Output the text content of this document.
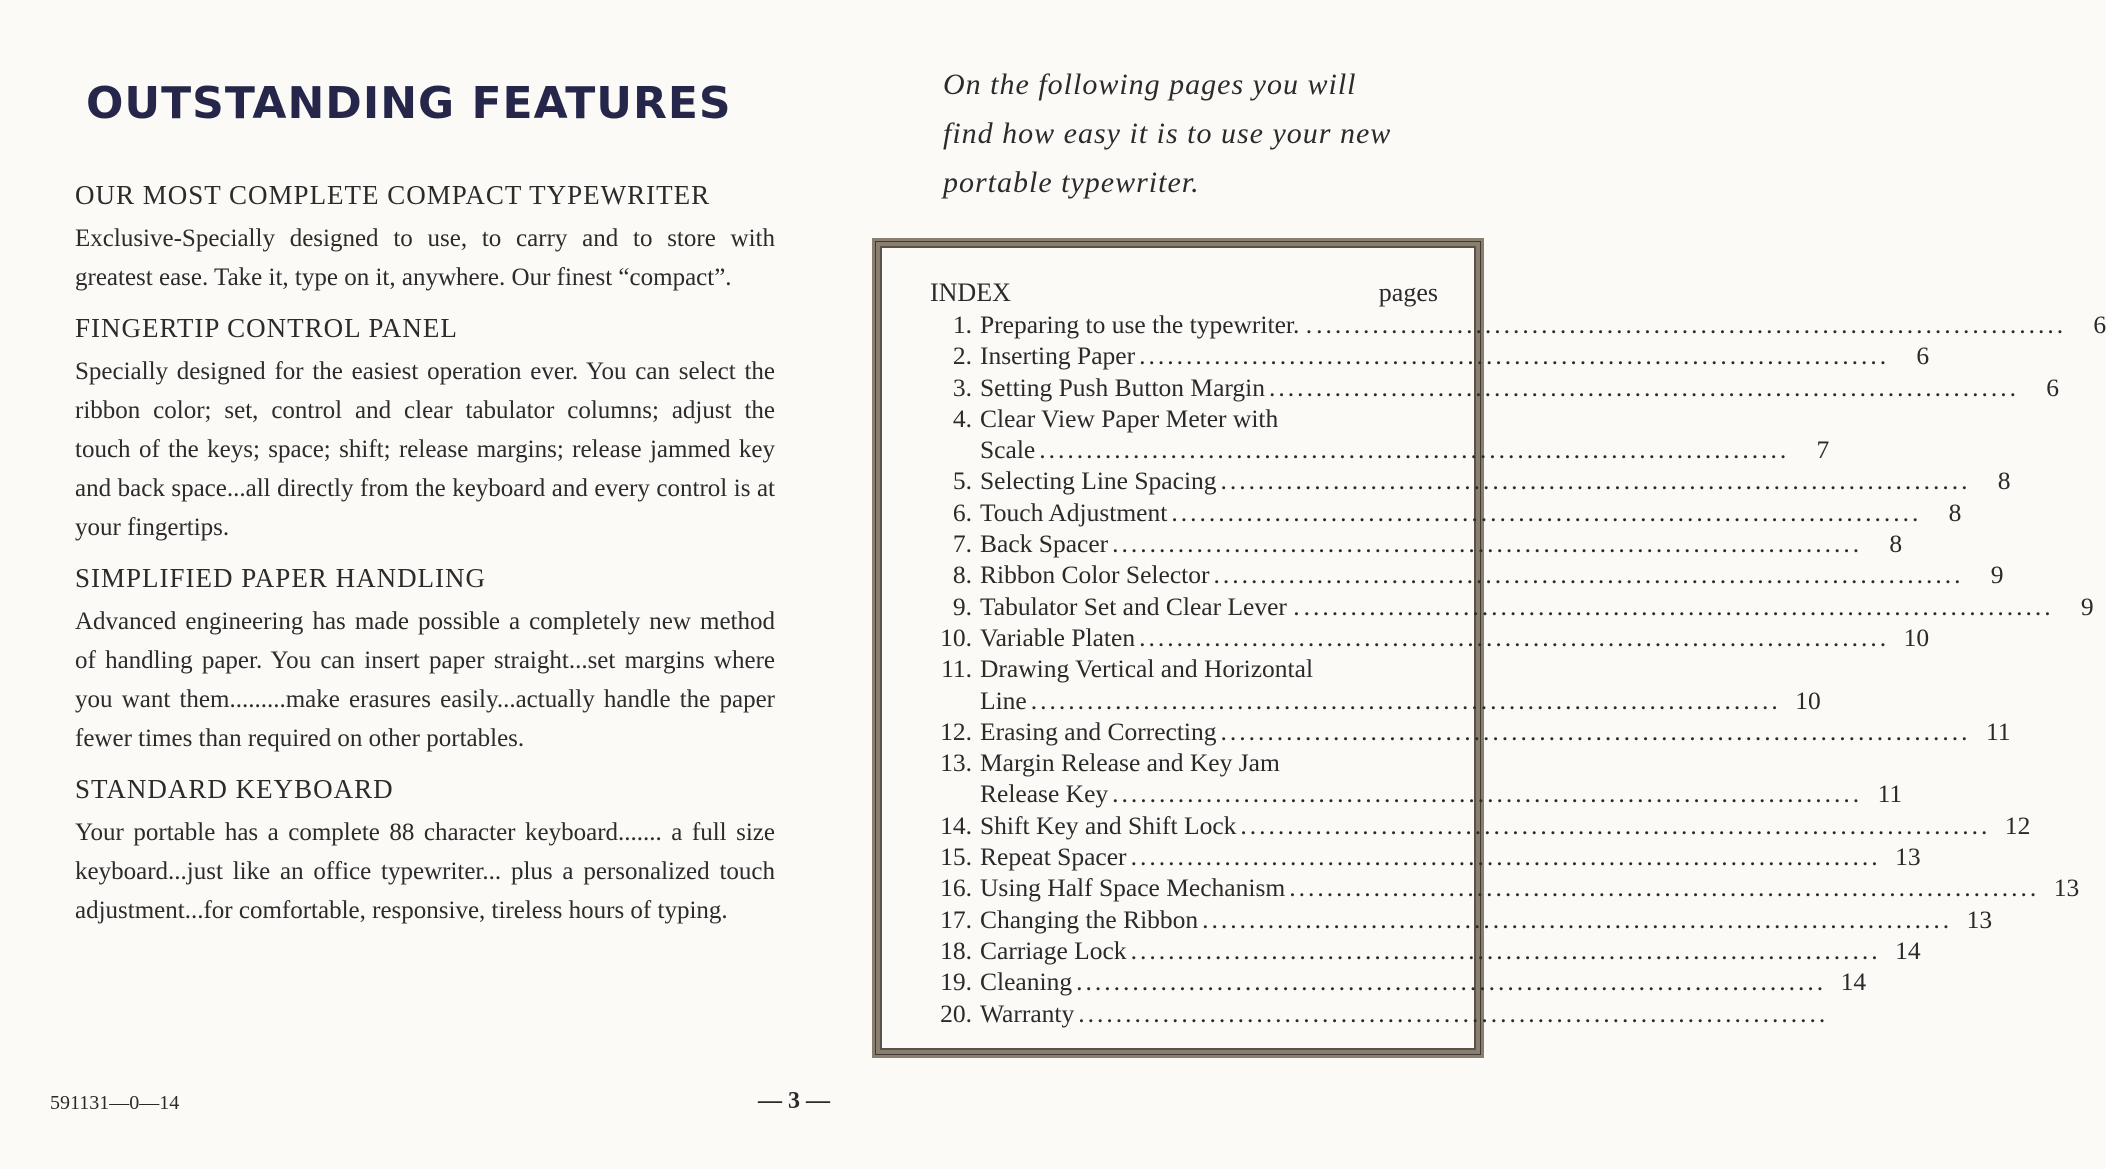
OUTSTANDING FEATURES

OUR MOST COMPLETE COMPACT TYPEWRITER

Exclusive-Specially designed to use, to carry and to store with greatest ease. Take it, type on it, anywhere. Our finest “compact”.

FINGERTIP CONTROL PANEL

Specially designed for the easiest operation ever. You can select the ribbon color; set, control and clear tabulator columns; adjust the touch of the keys; space; shift; release margins; release jammed key and back space...all directly from the keyboard and every control is at your fingertips.

SIMPLIFIED PAPER HANDLING

Advanced engineering has made possible a completely new method of handling paper. You can insert paper straight...set margins where you want them.........make erasures easily...actually handle the paper fewer times than required on other portables.

STANDARD KEYBOARD

Your portable has a complete 88 character keyboard....... a full size keyboard...just like an office typewriter... plus a personalized touch adjustment...for comfortable, responsive, tireless hours of typing.

591131—0—14	— 3 —
On the following pages you will find how easy it is to use your new portable typewriter.
INDEX	pages
1. Preparing to use the typewriter. . ................................................................................	6
2. Inserting Paper ................................................................................	6
3. Setting Push Button Margin ................................................................................	6
4. Clear View Paper Meter with
Scale ................................................................................	7
5. Selecting Line Spacing ................................................................................	8
6. Touch Adjustment ................................................................................	8
7. Back Spacer ................................................................................	8
8. Ribbon Color Selector ................................................................................	9
9. Tabulator Set and Clear Lever . ................................................................................	9
10. Variable Platen ................................................................................ 10
11. Drawing Vertical and Horizontal
Line ................................................................................ 10
12. Erasing and Correcting ................................................................................ 11
13. Margin Release and Key Jam
Release Key ................................................................................ 11
14. Shift Key and Shift Lock ................................................................................ 12
15. Repeat Spacer ................................................................................ 13
16. Using Half Space Mechanism ................................................................................ 13
17. Changing the Ribbon ................................................................................ 13
18. Carriage Lock ................................................................................ 14
19. Cleaning ................................................................................ 14
20. Warranty ................................................................................
